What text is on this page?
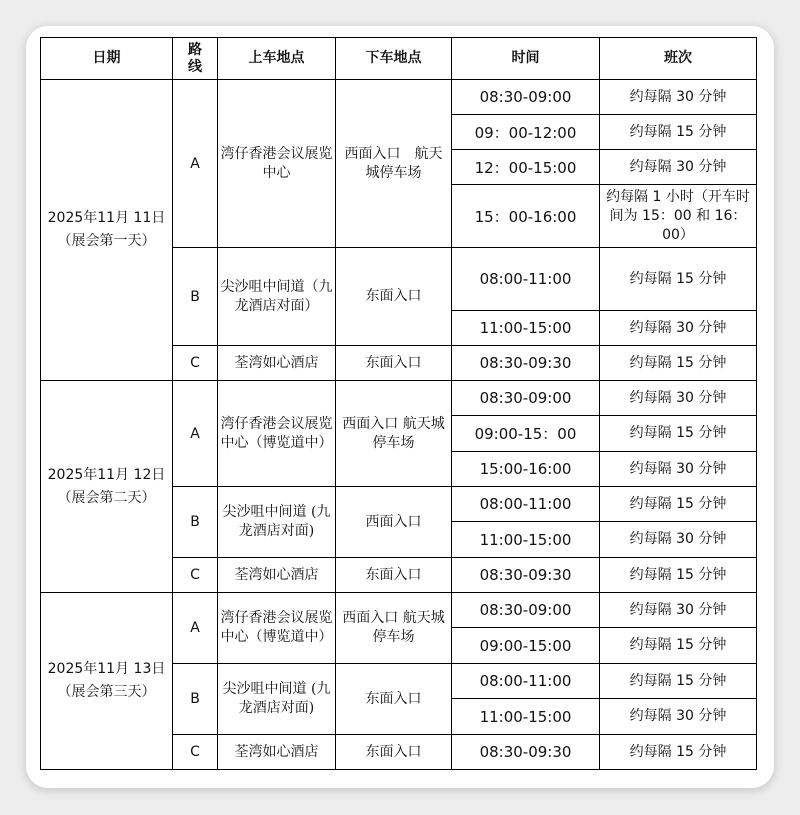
日期	路线	上车地点	下车地点	时间	班次
2025年11月 11日 （展会第一天）	A	湾仔香港会议展览中心	西面入口　航天城停车场	08:30-09:00	约每隔 30 分钟
				09：00-12:00	约每隔 15 分钟
				12：00-15:00	约每隔 30 分钟
				15：00-16:00	约每隔 1 小时（开车时间为 15：00 和 16：00）
	B	尖沙咀中间道（九龙酒店对面）	东面入口	08:00-11:00	约每隔 15 分钟
				11:00-15:00	约每隔 30 分钟
	C	荃湾如心酒店	东面入口	08:30-09:30	约每隔 15 分钟
2025年11月 12日 （展会第二天）	A	湾仔香港会议展览中心（博览道中）	西面入口 航天城停车场	08:30-09:00	约每隔 30 分钟
				09:00-15：00	约每隔 15 分钟
				15:00-16:00	约每隔 30 分钟
	B	尖沙咀中间道 (九龙酒店对面)	西面入口	08:00-11:00	约每隔 15 分钟
				11:00-15:00	约每隔 30 分钟
	C	荃湾如心酒店	东面入口	08:30-09:30	约每隔 15 分钟
2025年11月 13日 （展会第三天）	A	湾仔香港会议展览中心（博览道中）	西面入口 航天城停车场	08:30-09:00	约每隔 30 分钟
				09:00-15:00	约每隔 15 分钟
	B	尖沙咀中间道 (九龙酒店对面)	东面入口	08:00-11:00	约每隔 15 分钟
				11:00-15:00	约每隔 30 分钟
	C	荃湾如心酒店	东面入口	08:30-09:30	约每隔 15 分钟
